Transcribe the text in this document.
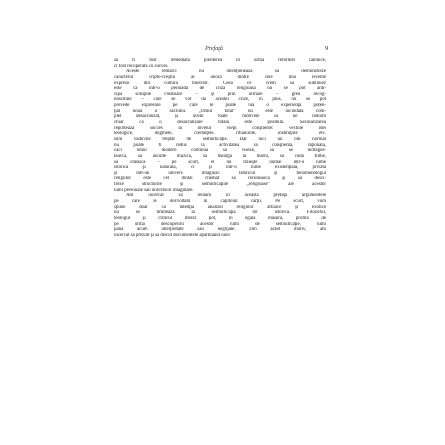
Prefaţă	9
să fi fost remediată pierderea în urma reformei rabinice,
ci fost recuperată cu succes.
Aceste remarci nu intenţionează să demonstreze
caracterul cripto-creştin al unora dintre cele mai recente
expresii din cultura tinerilor. Ceea ce vrem să subliniez
este că într-o perioadă de criză religioasă nu se pot anti-
cipa soluţiile creatoare – şi prin urmare – greu recog-
noscibile – care se vor da acestei crize, în plus, nu se pot
prevede expresiile pe care le poate lua o experienţă poten-
ţial nouă a sacrului. „Omul total” nu este niciodată com-
plet desacralizat, şi avem toate motivele să ne îndoim
chiar că o desacralizare totală este posibilă. Secularizarea
reportează succes la nivelul vieţii conştiente: vechile idei
teologice, dogmele, credinţele, ritualurile, instituţiile etc.
sunt văduvite treptat de semnificaţie. Dar nici un om normal
nu poate fi redus la activitatea sa conştientă, raţională,
căci omul modern continuă să viseze, să se îndrăgos-
tească, să asculte muzică, să meargă la teatru, să vadă filme,
să citească – pe scurt, el nu trăieşte numai într-o lume
istorică şi naturală, ci şi într-o lume existenţială, privată
şi într-un univers imaginar. Istoricul şi fenomenologul
religiilor este cel dintâi chemat să recunoască şi să desci-
freze structurile şi semnificaţiile „religioase” ale acestor
lumi personale sau universuri imaginare.
Am încercat să reluăm în această prefaţă argumentele
pe care le dezvoltăm în capitolul cărţii. Pe scurt, vom
spune doar că intenţia analizei religiilor arhaice şi exotice
nu se limitează la semnificaţia lor istorică. Filozoful,
teologul şi criticul literar pot, în egală măsură, profita de
pe urma descoperirii acestor lumi de semnificaţie, lumi
până acum interpretate sau neglijate. Din acest motiv, am
încercat să prezint şi să discut documentele apartinând unor
